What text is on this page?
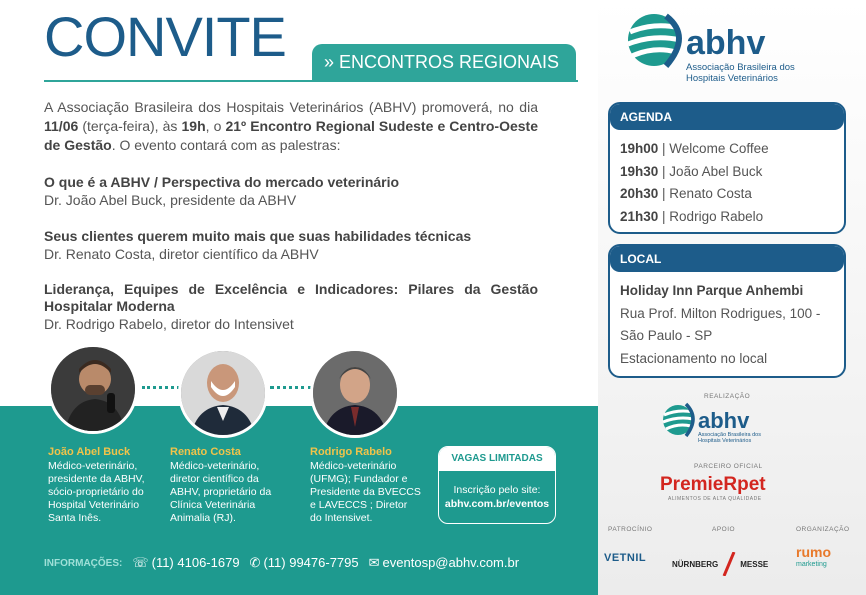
CONVITE	» ENCONTROS REGIONAIS
A Associação Brasileira dos Hospitais Veterinários (ABHV) promoverá, no dia 11/06 (terça-feira), às 19h, o 21º Encontro Regional Sudeste e Centro-Oeste de Gestão. O evento contará com as palestras:
O que é a ABHV / Perspectiva do mercado veterinário
Dr. João Abel Buck, presidente da ABHV
Seus clientes querem muito mais que suas habilidades técnicas
Dr. Renato Costa, diretor científico da ABHV
Liderança, Equipes de Excelência e Indicadores: Pilares da Gestão Hospitalar Moderna
Dr. Rodrigo Rabelo, diretor do Intensivet
João Abel Buck
Médico-veterinário,
presidente da ABHV,
sócio-proprietário do
Hospital Veterinário
Santa Inês.
Renato Costa
Médico-veterinário,
diretor científico da
ABHV, proprietário da
Clínica Veterinária
Animalia (RJ).
Rodrigo Rabelo
Médico-veterinário
(UFMG); Fundador e
Presidente da BVECCS
e LAVECCS ; Diretor
do Intensivet.
VAGAS LIMITADAS
Inscrição pelo site:
abhv.com.br/eventos
INFORMAÇÕES: ☏ (11) 4106-1679 ✆ (11) 99476-7795 ✉ eventosp@abhv.com.br
abhv
Associação Brasileira dos
Hospitais Veterinários
AGENDA
19h00 | Welcome Coffee
19h30 | João Abel Buck
20h30 | Renato Costa
21h30 | Rodrigo Rabelo
LOCAL
Holiday Inn Parque Anhembi
Rua Prof. Milton Rodrigues, 100 -
São Paulo - SP
Estacionamento no local
REALIZAÇÃO
abhv
Associação Brasileira dos
Hospitais Veterinários
PARCEIRO OFICIAL
PremieRpet
ALIMENTOS DE ALTA QUALIDADE
PATROCÍNIO	APOIO	ORGANIZAÇÃO
VETNIL	NÜRNBERG	MESSE
rumo
marketing
